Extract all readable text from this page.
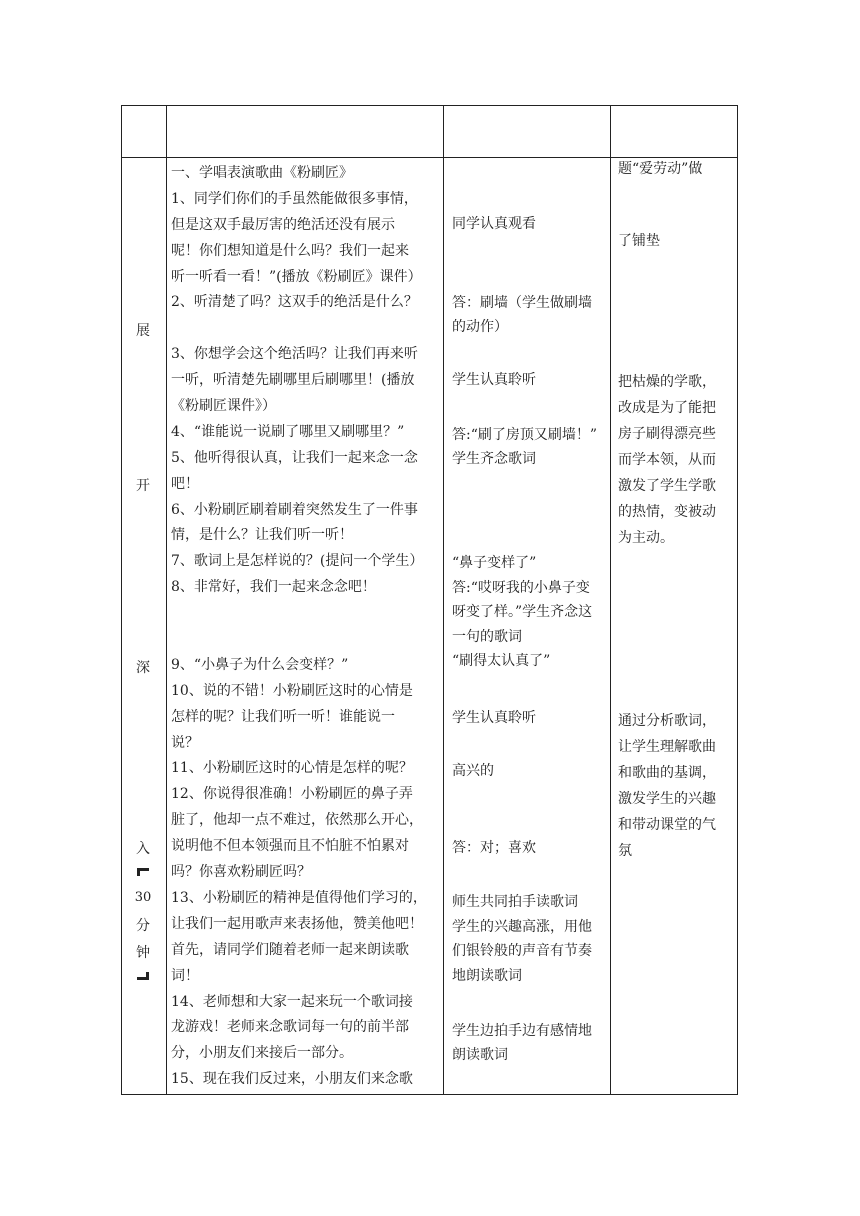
题“爱劳动”做

了铺垫

展
开
深
入
30
分
钟
一、学唱表演歌曲《粉刷匠》
1、同学们你们的手虽然能做很多事情，
但是这双手最厉害的绝活还没有展示
呢！你们想知道是什么吗？我们一起来
听一听看一看！”(播放《粉刷匠》课件）
2、听清楚了吗？这双手的绝活是什么？
3、你想学会这个绝活吗？让我们再来听
一听，听清楚先刷哪里后刷哪里！(播放
《粉刷匠课件》）
4、“谁能说一说刷了哪里又刷哪里？”
5、他听得很认真，让我们一起来念一念
吧！
6、小粉刷匠刷着刷着突然发生了一件事
情，是什么？让我们听一听！
7、歌词上是怎样说的？(提问一个学生）
8、非常好，我们一起来念念吧！
9、“小鼻子为什么会变样？”
10、说的不错！小粉刷匠这时的心情是
怎样的呢？让我们听一听！谁能说一
说？
11、小粉刷匠这时的心情是怎样的呢？
12、你说得很准确！小粉刷匠的鼻子弄
脏了，他却一点不难过，依然那么开心，
说明他不但本领强而且不怕脏不怕累对
吗？你喜欢粉刷匠吗？
13、小粉刷匠的精神是值得他们学习的，
让我们一起用歌声来表扬他，赞美他吧！
首先，请同学们随着老师一起来朗读歌
词！
14、老师想和大家一起来玩一个歌词接
龙游戏！老师来念歌词每一句的前半部
分，小朋友们来接后一部分。
15、现在我们反过来，小朋友们来念歌
同学认真观看
答：刷墙（学生做刷墙
的动作）
学生认真聆听
答:“刷了房顶又刷墙！”
学生齐念歌词
“鼻子变样了”
答:“哎呀我的小鼻子变
呀变了样。”学生齐念这
一句的歌词
“刷得太认真了”
学生认真聆听
高兴的
答：对；喜欢
师生共同拍手读歌词
学生的兴趣高涨，用他
们银铃般的声音有节奏
地朗读歌词
学生边拍手边有感情地
朗读歌词
把枯燥的学歌，
改成是为了能把
房子刷得漂亮些
而学本领，从而
激发了学生学歌
的热情，变被动
为主动。
通过分析歌词，
让学生理解歌曲
和歌曲的基调，
激发学生的兴趣
和带动课堂的气
氛
